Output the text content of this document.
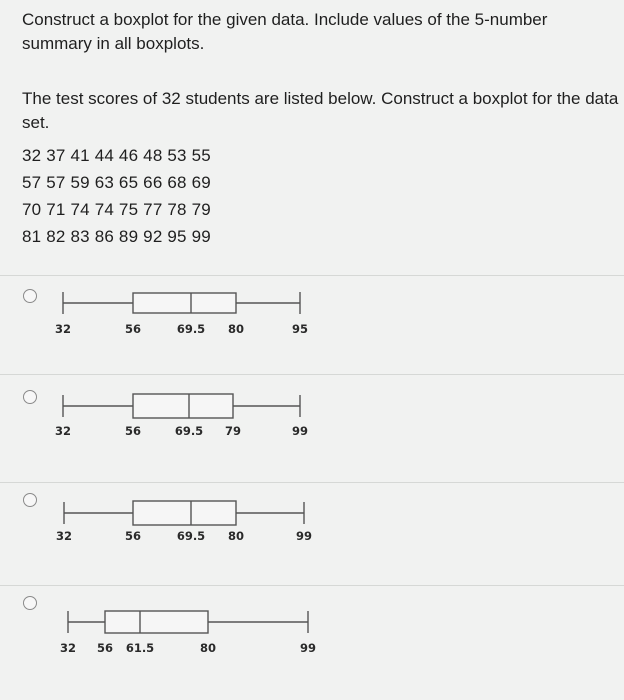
Construct a boxplot for the given data. Include values of the 5-number summary in all boxplots.
The test scores of 32 students are listed below. Construct a boxplot for the data set.
32 37 41 44 46 48 53 55
57 57 59 63 65 66 68 69
70 71 74 74 75 77 78 79
81 82 83 86 89 92 95 99
32	56	69.5 80	95
32	56	69.5 79	99
32	56	69.5 80	99
32 56 61.5	80	99
